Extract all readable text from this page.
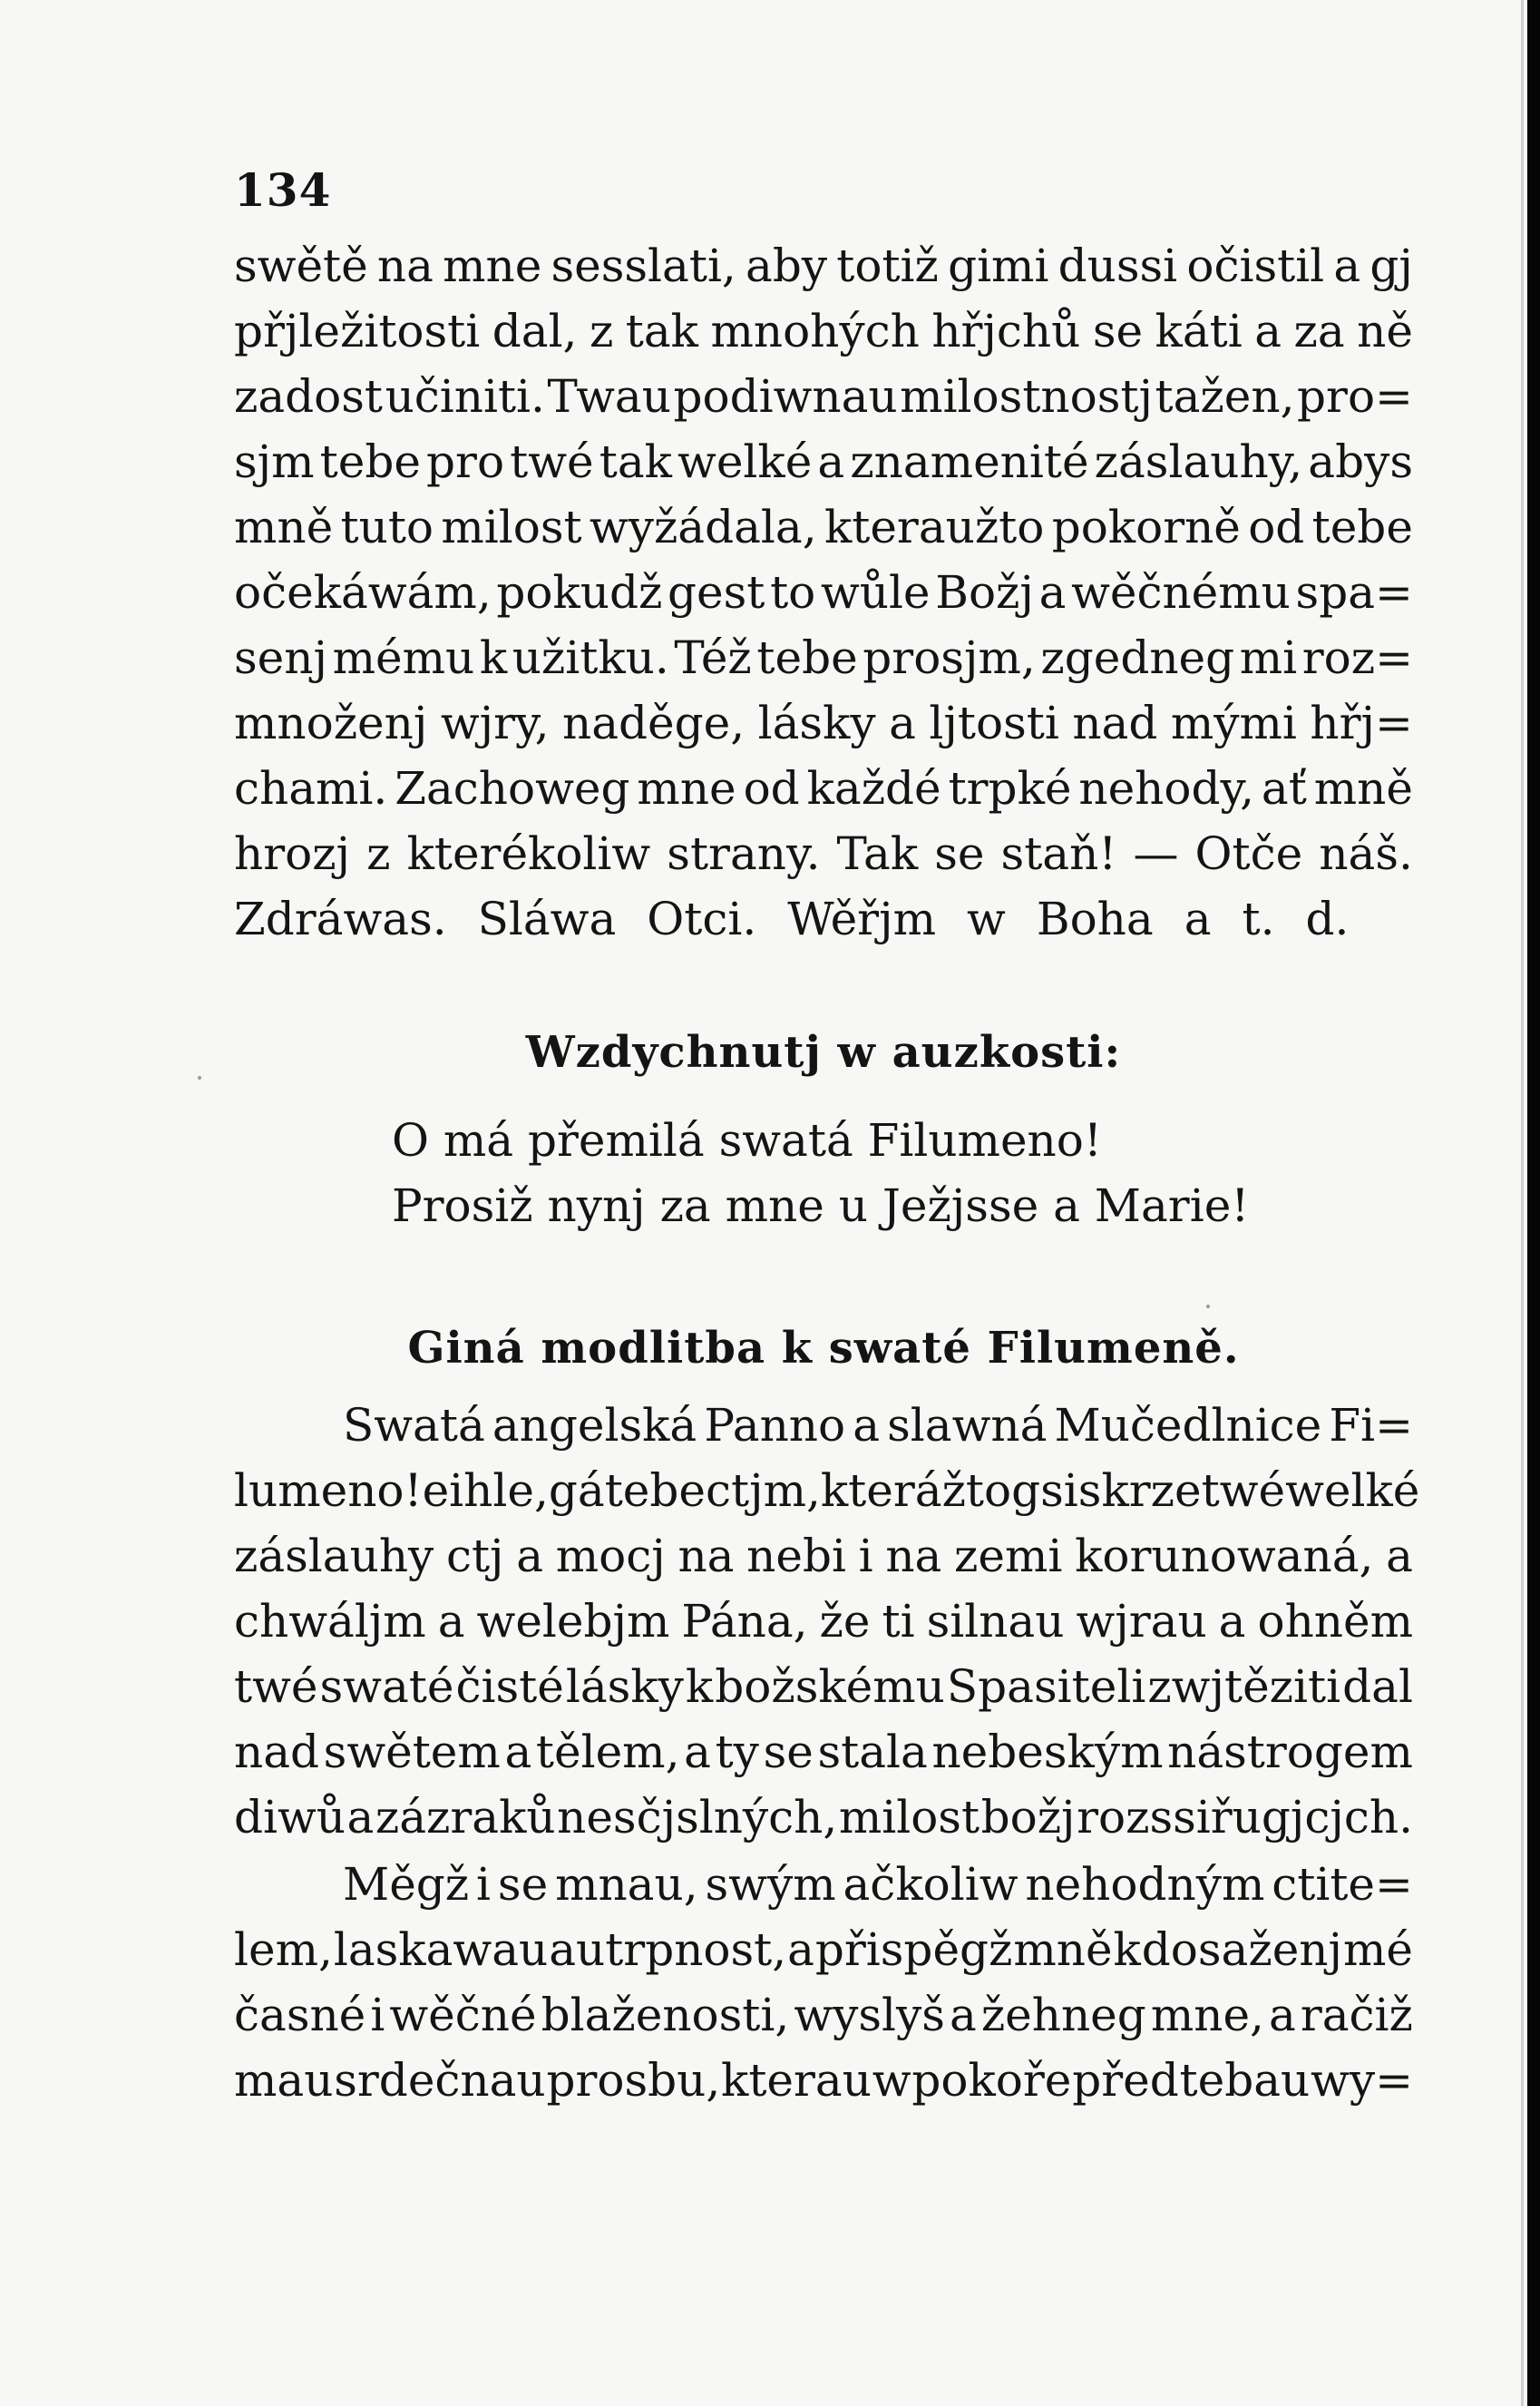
134
swětě na mne sesslati, aby totiž gimi dussi očistil a gj
přjležitosti dal, z tak mnohých hřjchů se káti a za ně
zadost učiniti. Twau podiwnau milostnostj tažen, pro=
sjm tebe pro twé tak welké a znamenité záslauhy, abys
mně tuto milost wyžádala, kteraužto pokorně od tebe
očekáwám, pokudž gest to wůle Božj a wěčnému spa=
senj mému k užitku. Též tebe prosjm, zgedneg mi roz=
množenj wjry, naděge, lásky a ljtosti nad mými hřj=
chami. Zachoweg mne od každé trpké nehody, ať mně
hrozj z kterékoliw strany. Tak se staň! — Otče náš.
Zdráwas. Sláwa Otci. Wěřjm w Boha a t. d.
Wzdychnutj w auzkosti:
O má přemilá swatá Filumeno!
Prosiž nynj za mne u Ježjsse a Marie!
Giná modlitba k swaté Filumeně.
Swatá angelská Panno a slawná Mučedlnice Fi=
lumeno! eihle, gá tebe ctjm, kterážto gsi skrze twé welké
záslauhy ctj a mocj na nebi i na zemi korunowaná, a
chwáljm a welebjm Pána, že ti silnau wjrau a ohněm
twé swaté čisté lásky k božskému Spasiteli zwjtěziti dal
nad swětem a tělem, a ty se stala nebeským nástrogem
diwů a zázraků nesčjslných, milost božj rozssiřugjcjch.
Měgž i se mnau, swým ačkoliw nehodným ctite=
lem, laskawau autrpnost, a přispěgž mně k dosaženj mé
časné i wěčné blaženosti, wyslyš a žehneg mne, a račiž
mau srdečnau prosbu, kterau w pokoře před tebau wy=
